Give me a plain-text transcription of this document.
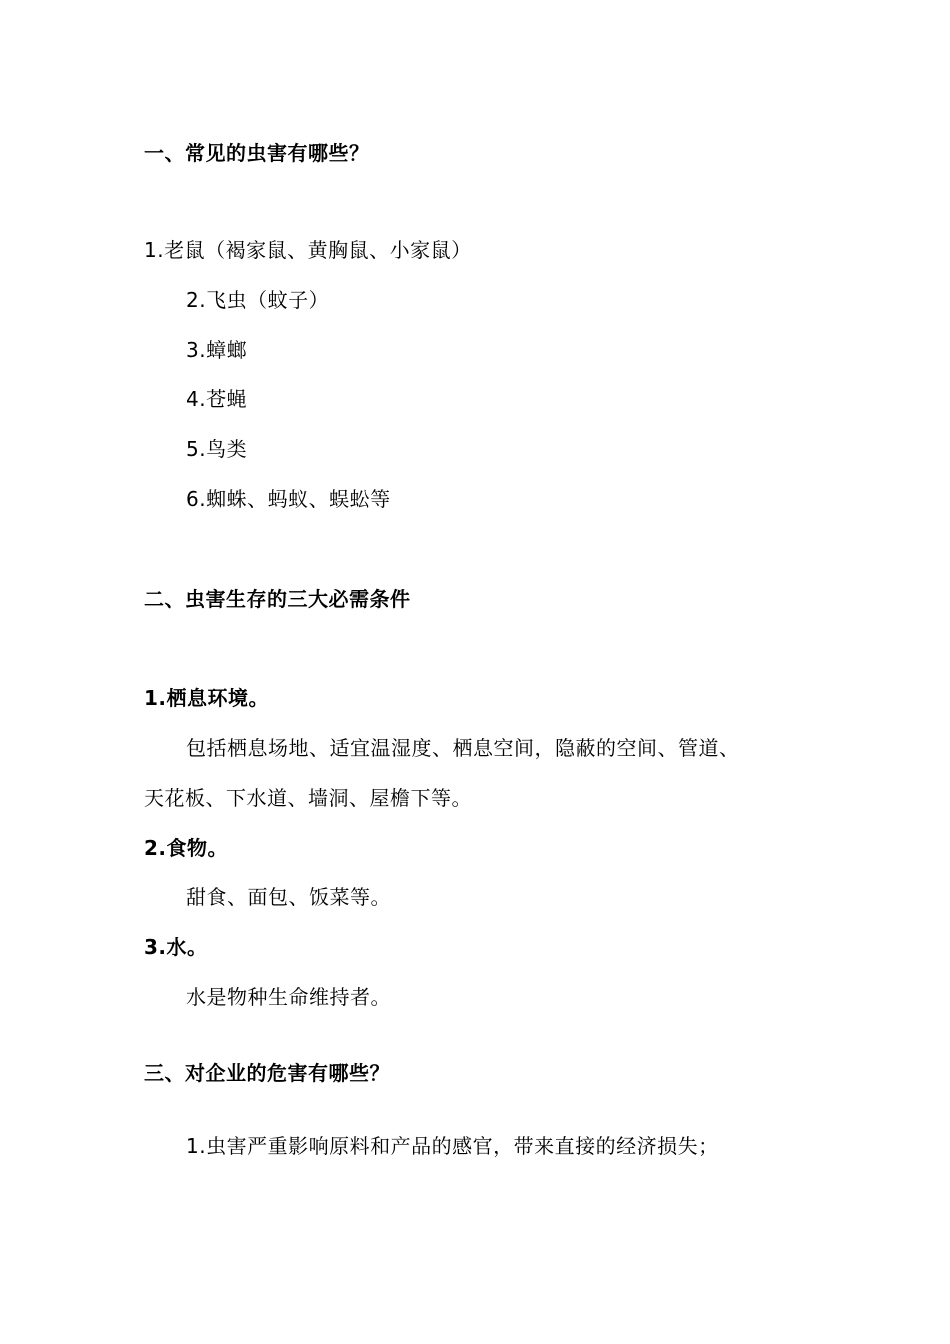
一、常见的虫害有哪些？
1.老鼠（褐家鼠、黄胸鼠、小家鼠）
2.飞虫（蚊子）
3.蟑螂
4.苍蝇
5.鸟类
6.蜘蛛、蚂蚁、蜈蚣等
二、虫害生存的三大必需条件
1.栖息环境。
包括栖息场地、适宜温湿度、栖息空间，隐蔽的空间、管道、
天花板、下水道、墙洞、屋檐下等。
2.食物。
甜食、面包、饭菜等。
3.水。
水是物种生命维持者。
三、对企业的危害有哪些？
1.虫害严重影响原料和产品的感官，带来直接的经济损失；
